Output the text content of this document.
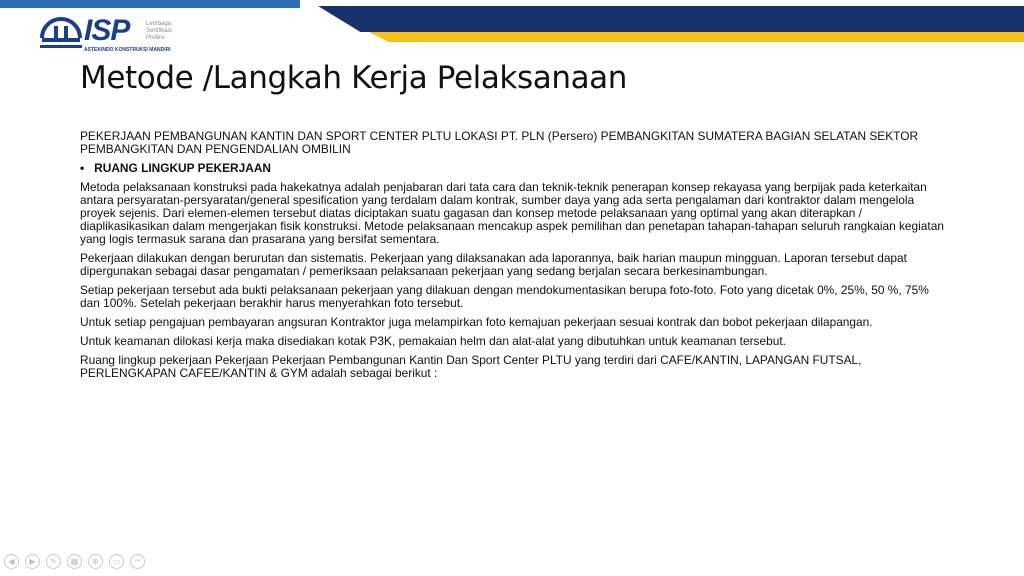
ISP	Lembaga
Sertifikasi
Profesi
ASTEKINDO KONSTRUKSI MANDIRI
Metode /Langkah Kerja Pelaksanaan

PEKERJAAN PEMBANGUNAN KANTIN DAN SPORT CENTER PLTU LOKASI PT. PLN (Persero) PEMBANGKITAN SUMATERA BAGIAN SELATAN SEKTOR PEMBANGKITAN DAN PENGENDALIAN OMBILIN

• RUANG LINGKUP PEKERJAAN

Metoda pelaksanaan konstruksi pada hakekatnya adalah penjabaran dari tata cara dan teknik-teknik penerapan konsep rekayasa yang berpijak pada keterkaitan antara persyaratan-persyaratan/general spesification yang terdalam dalam kontrak, sumber daya yang ada serta pengalaman dari kontraktor dalam mengelola proyek sejenis. Dari elemen-elemen tersebut diatas diciptakan suatu gagasan dan konsep metode pelaksanaan yang optimal yang akan diterapkan / diaplikasikasikan dalam mengerjakan fisik konstruksi. Metode pelaksanaan mencakup aspek pemilihan dan penetapan tahapan-tahapan seluruh rangkaian kegiatan yang logis termasuk sarana dan prasarana yang bersifat sementara.

Pekerjaan dilakukan dengan berurutan dan sistematis. Pekerjaan yang dilaksanakan ada laporannya, baik harian maupun mingguan. Laporan tersebut dapat dipergunakan sebagai dasar pengamatan / pemeriksaan pelaksanaan pekerjaan yang sedang berjalan secara berkesinambungan.

Setiap pekerjaan tersebut ada bukti pelaksanaan pekerjaan yang dilakuan dengan mendokumentasikan berupa foto-foto. Foto yang dicetak 0%, 25%, 50 %, 75% dan 100%. Setelah pekerjaan berakhir harus menyerahkan foto tersebut.

Untuk setiap pengajuan pembayaran angsuran Kontraktor juga melampirkan foto kemajuan pekerjaan sesuai kontrak dan bobot pekerjaan dilapangan.

Untuk keamanan dilokasi kerja maka disediakan kotak P3K, pemakaian helm dan alat-alat yang dibutuhkan untuk keamanan tersebut.

Ruang lingkup pekerjaan Pekerjaan Pekerjaan Pembangunan Kantin Dan Sport Center PLTU yang terdiri dari CAFE/KANTIN, LAPANGAN FUTSAL, PERLENGKAPAN CAFEE/KANTIN & GYM adalah sebagai berikut :

◀	▶	✎	▦	⊕	▭	•••
